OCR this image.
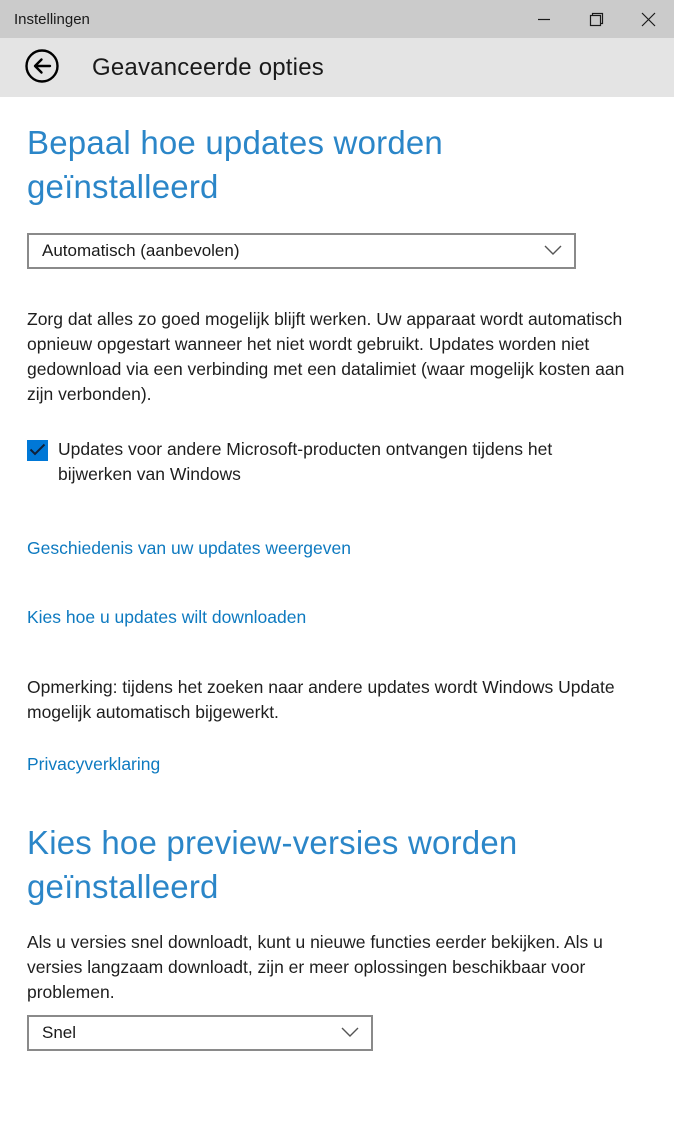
Instellingen
Geavanceerde opties
Bepaal hoe updates worden geïnstalleerd
Automatisch (aanbevolen)

Zorg dat alles zo goed mogelijk blijft werken. Uw apparaat wordt automatisch opnieuw opgestart wanneer het niet wordt gebruikt. Updates worden niet gedownload via een verbinding met een datalimiet (waar mogelijk kosten aan zijn verbonden).

Updates voor andere Microsoft-producten ontvangen tijdens het bijwerken van Windows
Geschiedenis van uw updates weergeven
Kies hoe u updates wilt downloaden

Opmerking: tijdens het zoeken naar andere updates wordt Windows Update mogelijk automatisch bijgewerkt.

Privacyverklaring
Kies hoe preview-versies worden geïnstalleerd

Als u versies snel downloadt, kunt u nieuwe functies eerder bekijken. Als u versies langzaam downloadt, zijn er meer oplossingen beschikbaar voor problemen.

Snel
